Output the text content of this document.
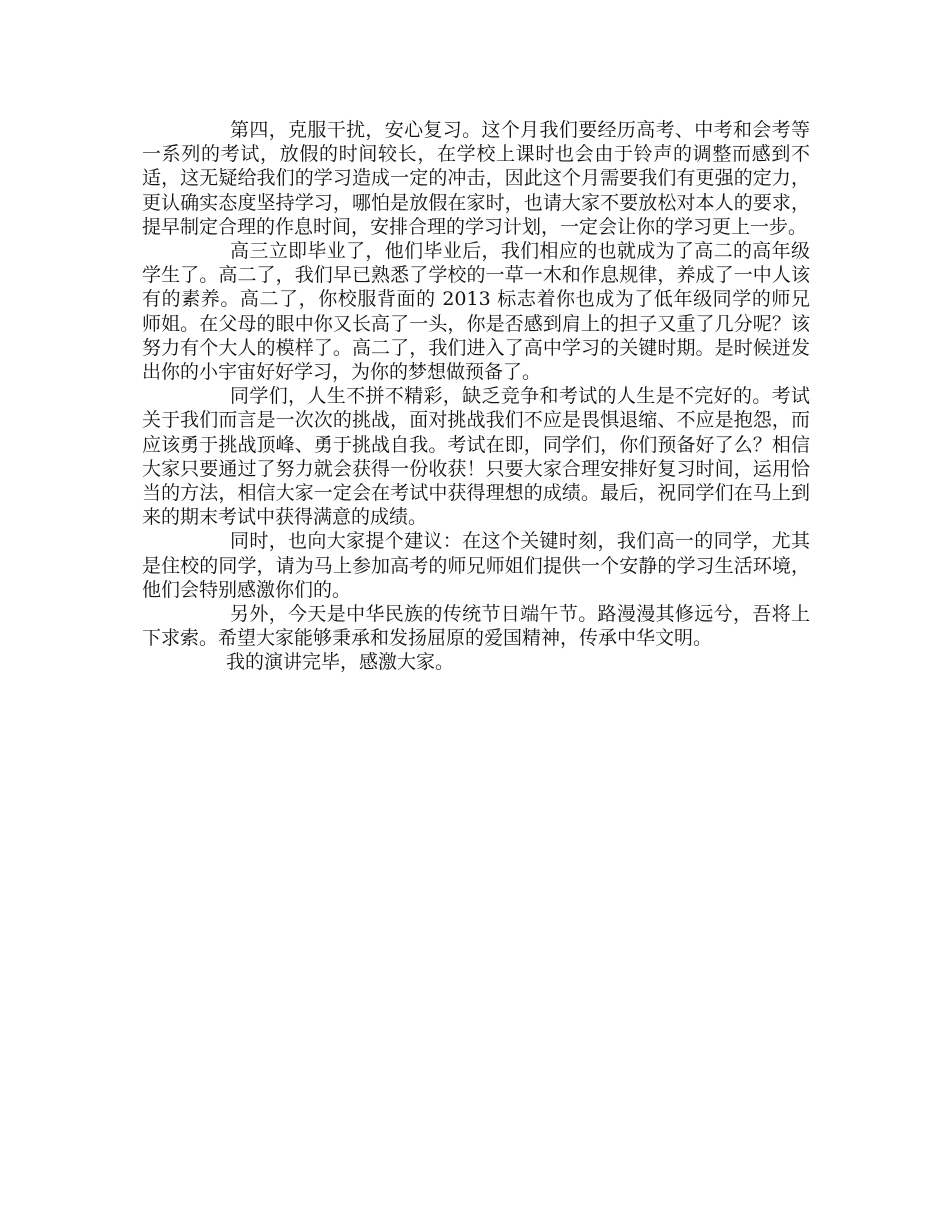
第四，克服干扰，安心复习。这个月我们要经历高考、中考和会考等一系列的考试，放假的时间较长，在学校上课时也会由于铃声的调整而感到不适，这无疑给我们的学习造成一定的冲击，因此这个月需要我们有更强的定力，更认确实态度坚持学习，哪怕是放假在家时，也请大家不要放松对本人的要求，提早制定合理的作息时间，安排合理的学习计划，一定会让你的学习更上一步。

高三立即毕业了，他们毕业后，我们相应的也就成为了高二的高年级学生了。高二了，我们早已熟悉了学校的一草一木和作息规律，养成了一中人该有的素养。高二了，你校服背面的 2013 标志着你也成为了低年级同学的师兄师姐。在父母的眼中你又长高了一头，你是否感到肩上的担子又重了几分呢？该努力有个大人的模样了。高二了，我们进入了高中学习的关键时期。是时候迸发出你的小宇宙好好学习，为你的梦想做预备了。

同学们，人生不拼不精彩，缺乏竞争和考试的人生是不完好的。考试关于我们而言是一次次的挑战，面对挑战我们不应是畏惧退缩、不应是抱怨，而应该勇于挑战顶峰、勇于挑战自我。考试在即，同学们，你们预备好了么？相信大家只要通过了努力就会获得一份收获！只要大家合理安排好复习时间，运用恰当的方法，相信大家一定会在考试中获得理想的成绩。最后，祝同学们在马上到来的期末考试中获得满意的成绩。

同时，也向大家提个建议：在这个关键时刻，我们高一的同学，尤其是住校的同学，请为马上参加高考的师兄师姐们提供一个安静的学习生活环境，他们会特别感激你们的。

另外，今天是中华民族的传统节日端午节。路漫漫其修远兮，吾将上下求索。希望大家能够秉承和发扬屈原的爱国精神，传承中华文明。

我的演讲完毕，感激大家。
